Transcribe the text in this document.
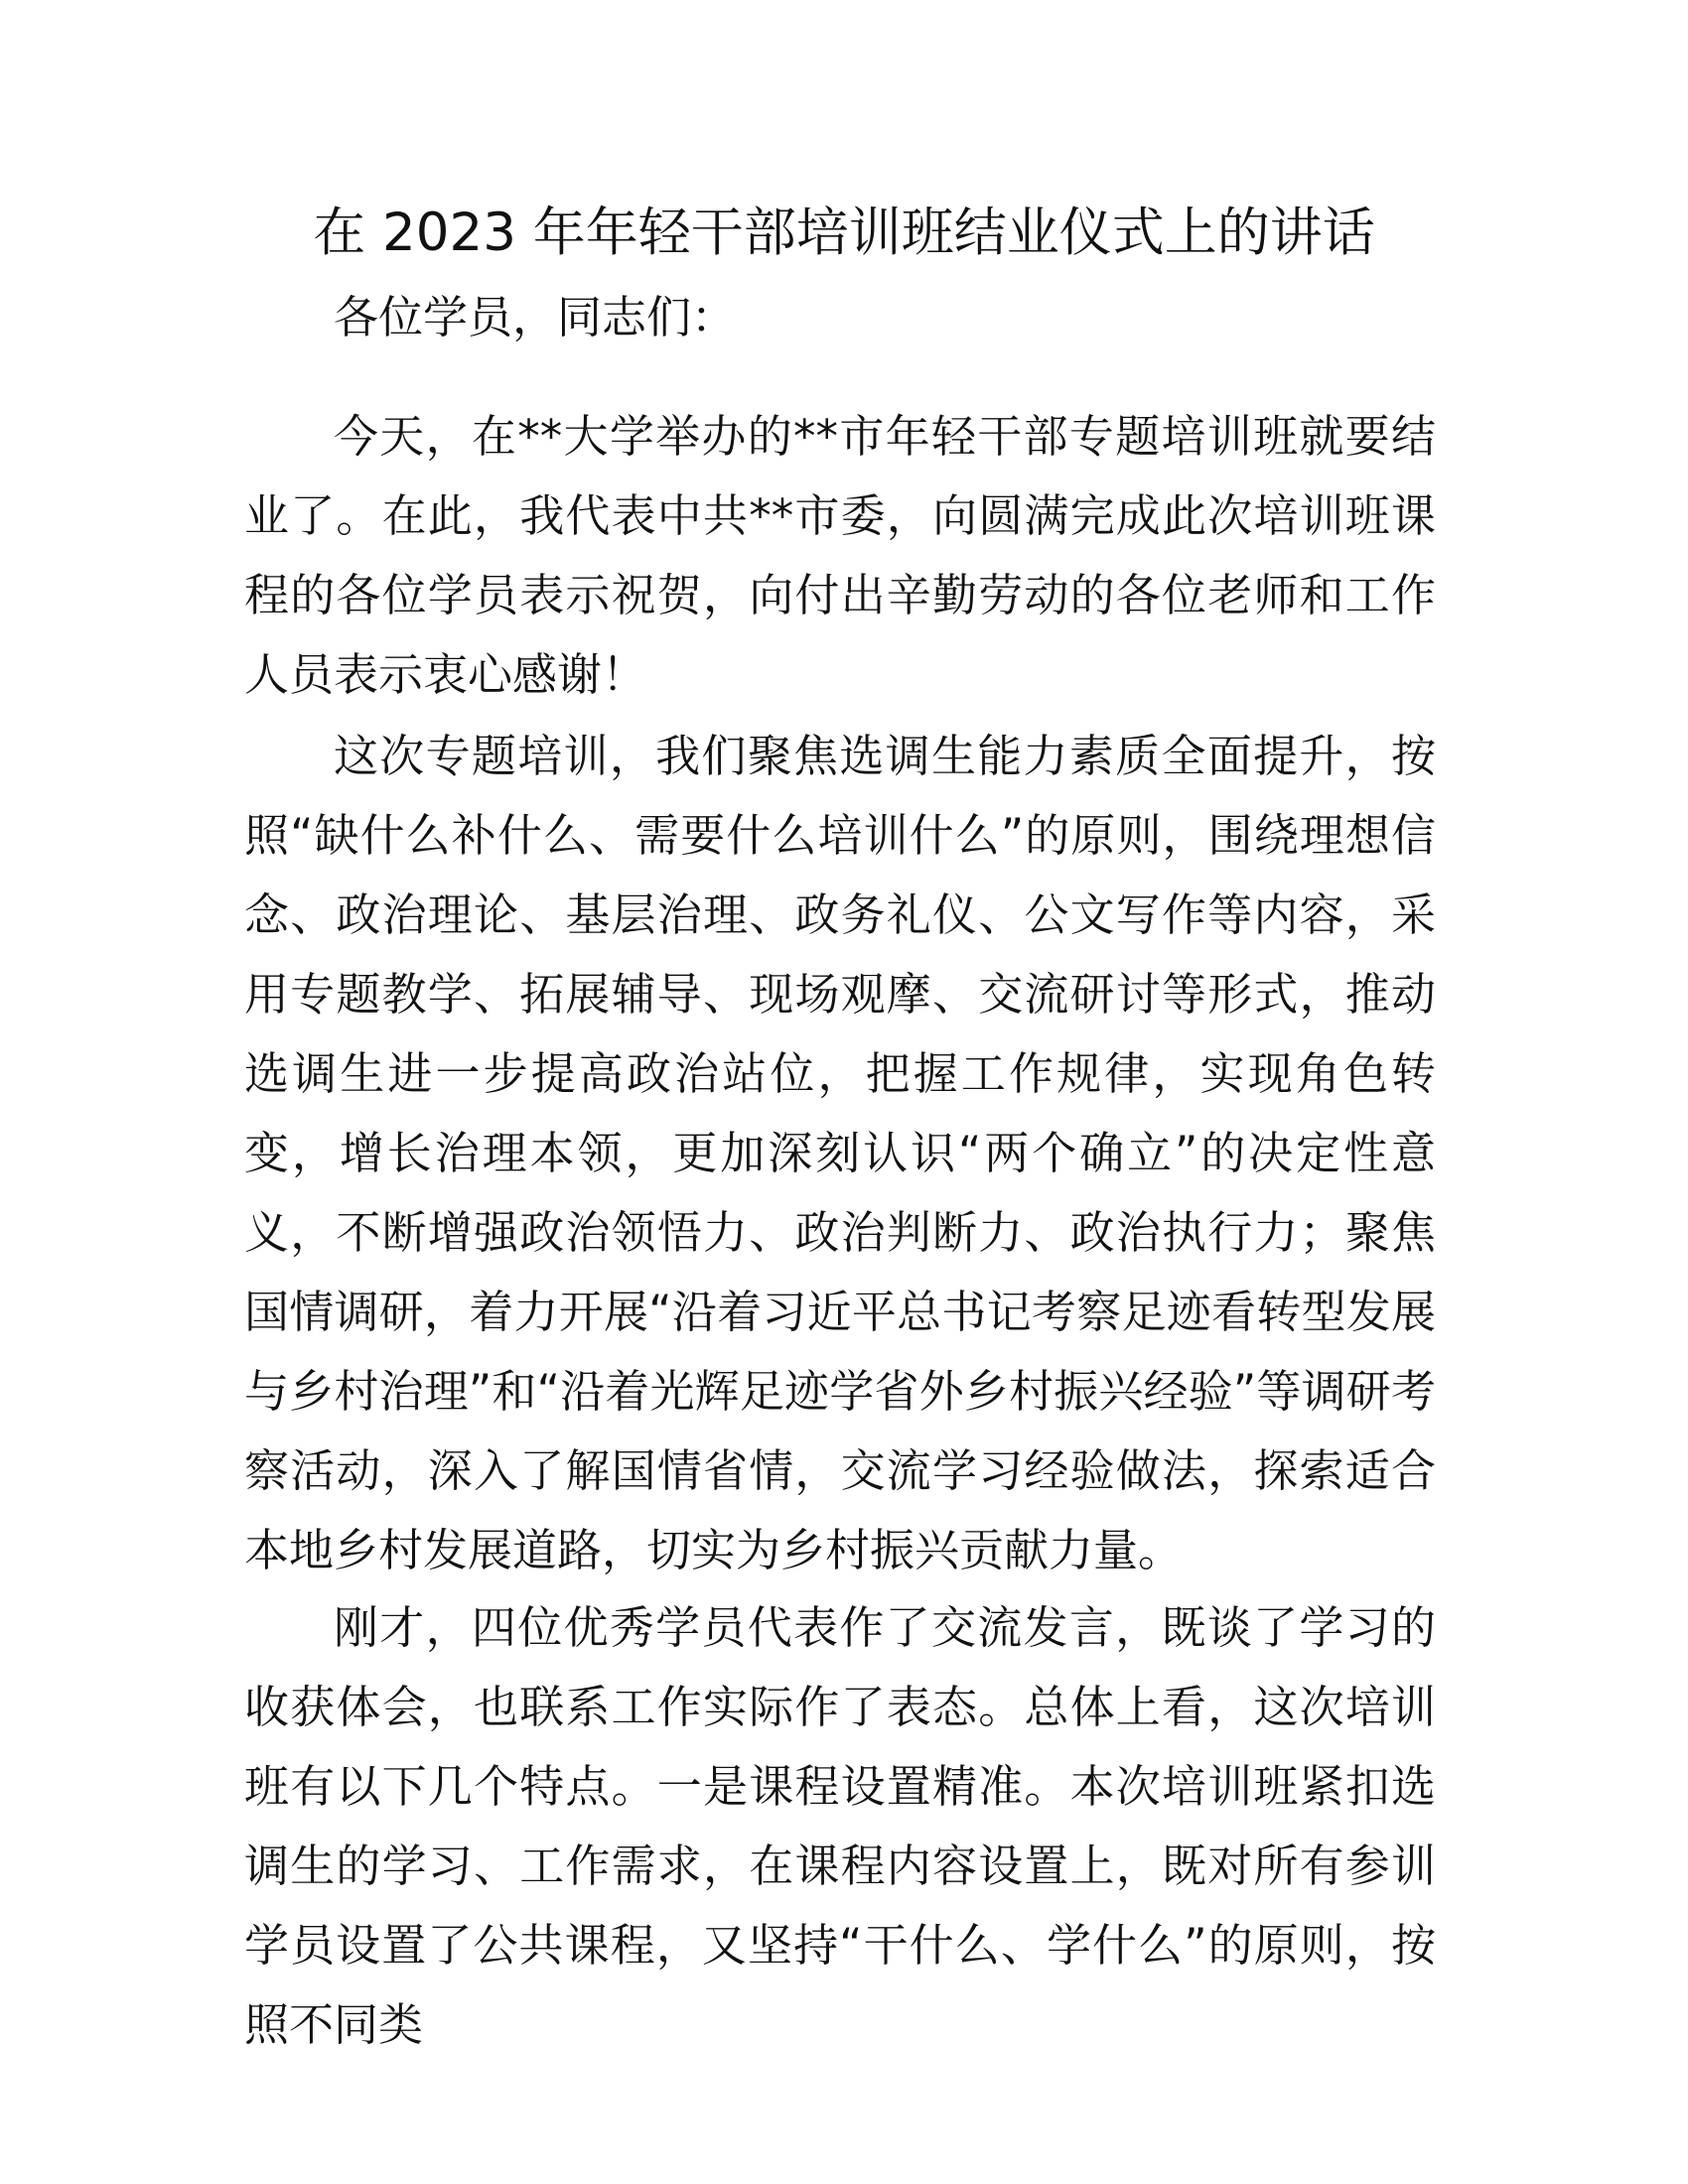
在 2023 年年轻干部培训班结业仪式上的讲话

各位学员，同志们：

今天，在**大学举办的**市年轻干部专题培训班就要结业了。在此，我代表中共**市委，向圆满完成此次培训班课程的各位学员表示祝贺，向付出辛勤劳动的各位老师和工作人员表示衷心感谢！

这次专题培训，我们聚焦选调生能力素质全面提升，按照“缺什么补什么、需要什么培训什么”的原则，围绕理想信念、政治理论、基层治理、政务礼仪、公文写作等内容，采用专题教学、拓展辅导、现场观摩、交流研讨等形式，推动选调生进一步提高政治站位，把握工作规律，实现角色转变，增长治理本领，更加深刻认识“两个确立”的决定性意义，不断增强政治领悟力、政治判断力、政治执行力；聚焦国情调研，着力开展“沿着习近平总书记考察足迹看转型发展与乡村治理”和“沿着光辉足迹学省外乡村振兴经验”等调研考察活动，深入了解国情省情，交流学习经验做法，探索适合本地乡村发展道路，切实为乡村振兴贡献力量。

刚才，四位优秀学员代表作了交流发言，既谈了学习的收获体会，也联系工作实际作了表态。总体上看，这次培训班有以下几个特点。一是课程设置精准。本次培训班紧扣选调生的学习、工作需求，在课程内容设置上，既对所有参训学员设置了公共课程，又坚持“干什么、学什么”的原则，按照不同类
